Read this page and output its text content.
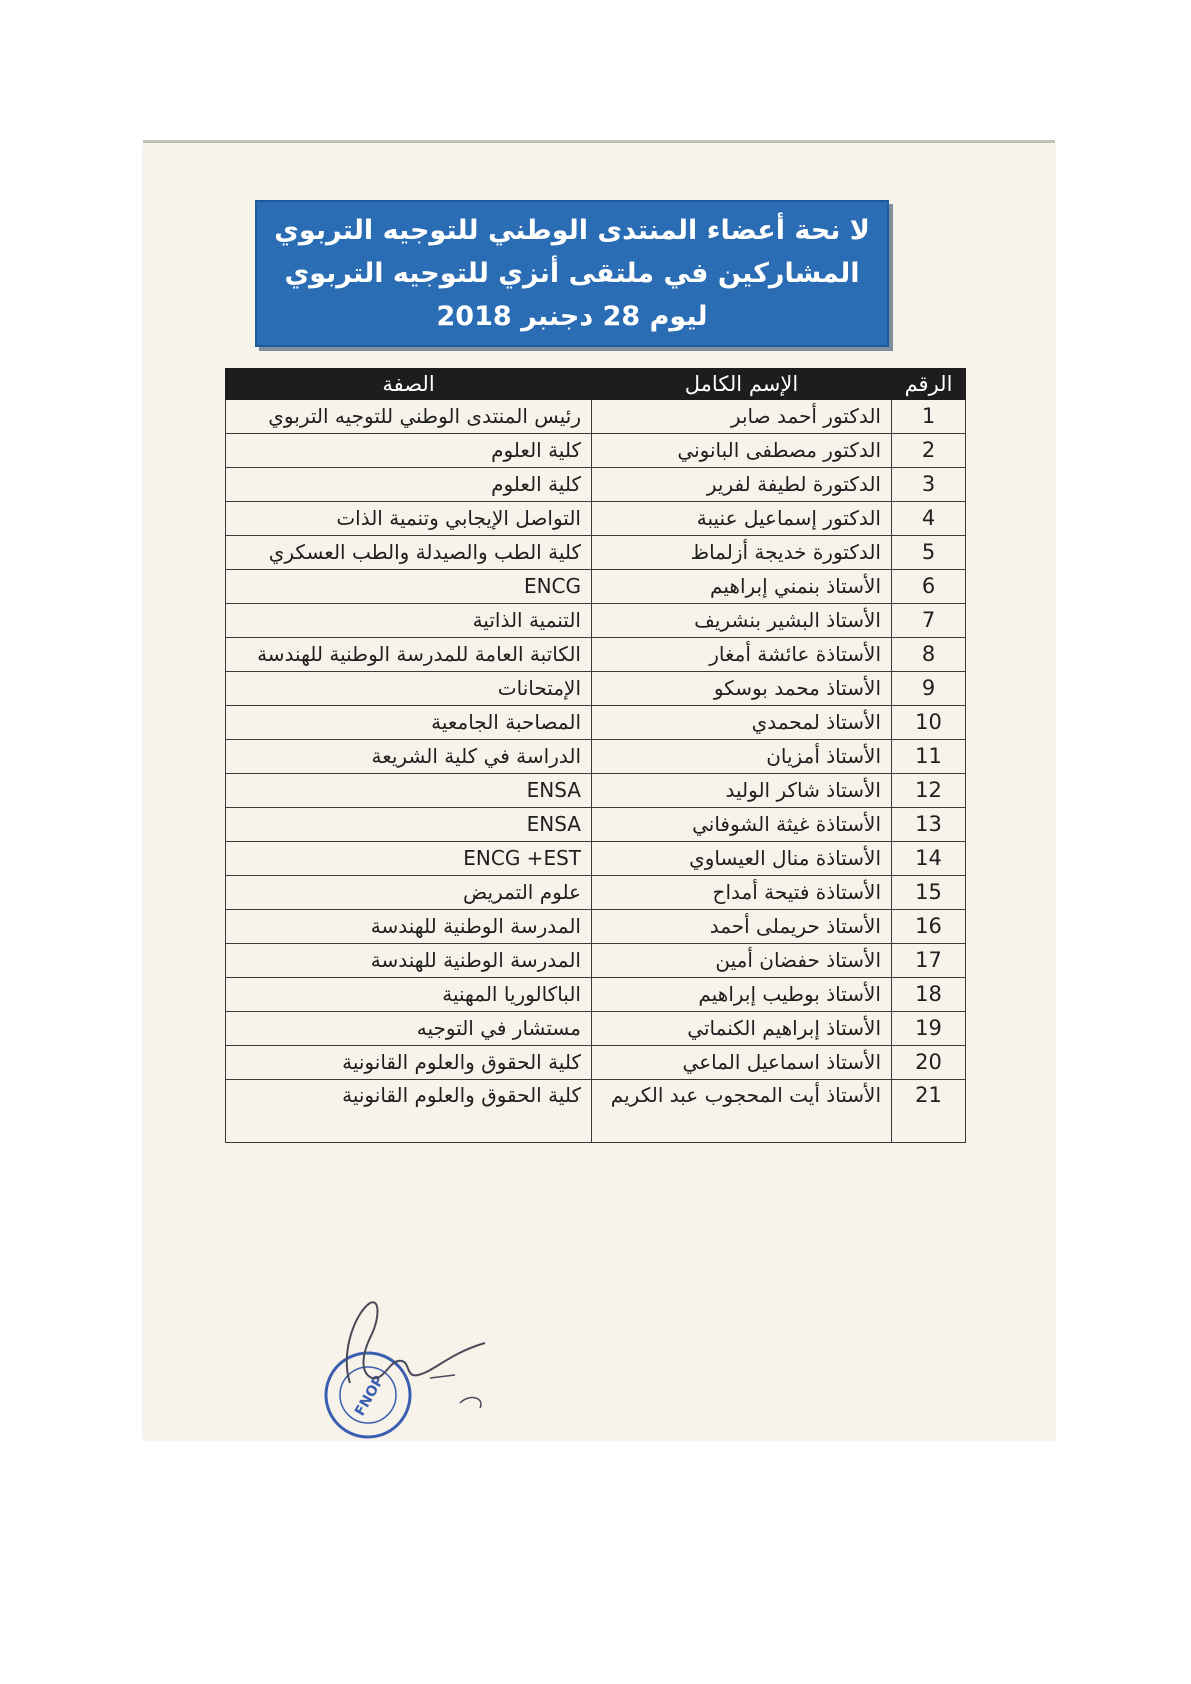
لا نحة أعضاء المنتدى الوطني للتوجيه التربوي
المشاركين في ملتقى أنزي للتوجيه التربوي
ليوم 28 دجنبر 2018
الرقم	الإسم الكامل	الصفة
1	الدكتور أحمد صابر	رئيس المنتدى الوطني للتوجيه التربوي
2	الدكتور مصطفى البانوني	كلية العلوم
3	الدكتورة لطيفة لفرير	كلية العلوم
4	الدكتور إسماعيل عنيبة	التواصل الإيجابي وتنمية الذات
5	الدكتورة خديجة أزلماظ	كلية الطب والصيدلة والطب العسكري
6	الأستاذ بنمني إبراهيم	ENCG
7	الأستاذ البشير بنشريف	التنمية الذاتية
8	الأستاذة عائشة أمغار	الكاتبة العامة للمدرسة الوطنية للهندسة
9	الأستاذ محمد بوسكو	الإمتحانات
10	الأستاذ لمحمدي	المصاحبة الجامعية
11	الأستاذ أمزيان	الدراسة في كلية الشريعة
12	الأستاذ شاكر الوليد	ENSA
13	الأستاذة غيثة الشوفاني	ENSA
14	الأستاذة منال العيساوي	ENCG +EST
15	الأستاذة فتيحة أمداح	علوم التمريض
16	الأستاذ حريملى أحمد	المدرسة الوطنية للهندسة
17	الأستاذ حفضان أمين	المدرسة الوطنية للهندسة
18	الأستاذ بوطيب إبراهيم	الباكالوريا المهنية
19	الأستاذ إبراهيم الكنماتي	مستشار في التوجيه
20	الأستاذ اسماعيل الماعي	كلية الحقوق والعلوم القانونية
21	الأستاذ أيت المحجوب عبد الكريم	كلية الحقوق والعلوم القانونية
FNOP
